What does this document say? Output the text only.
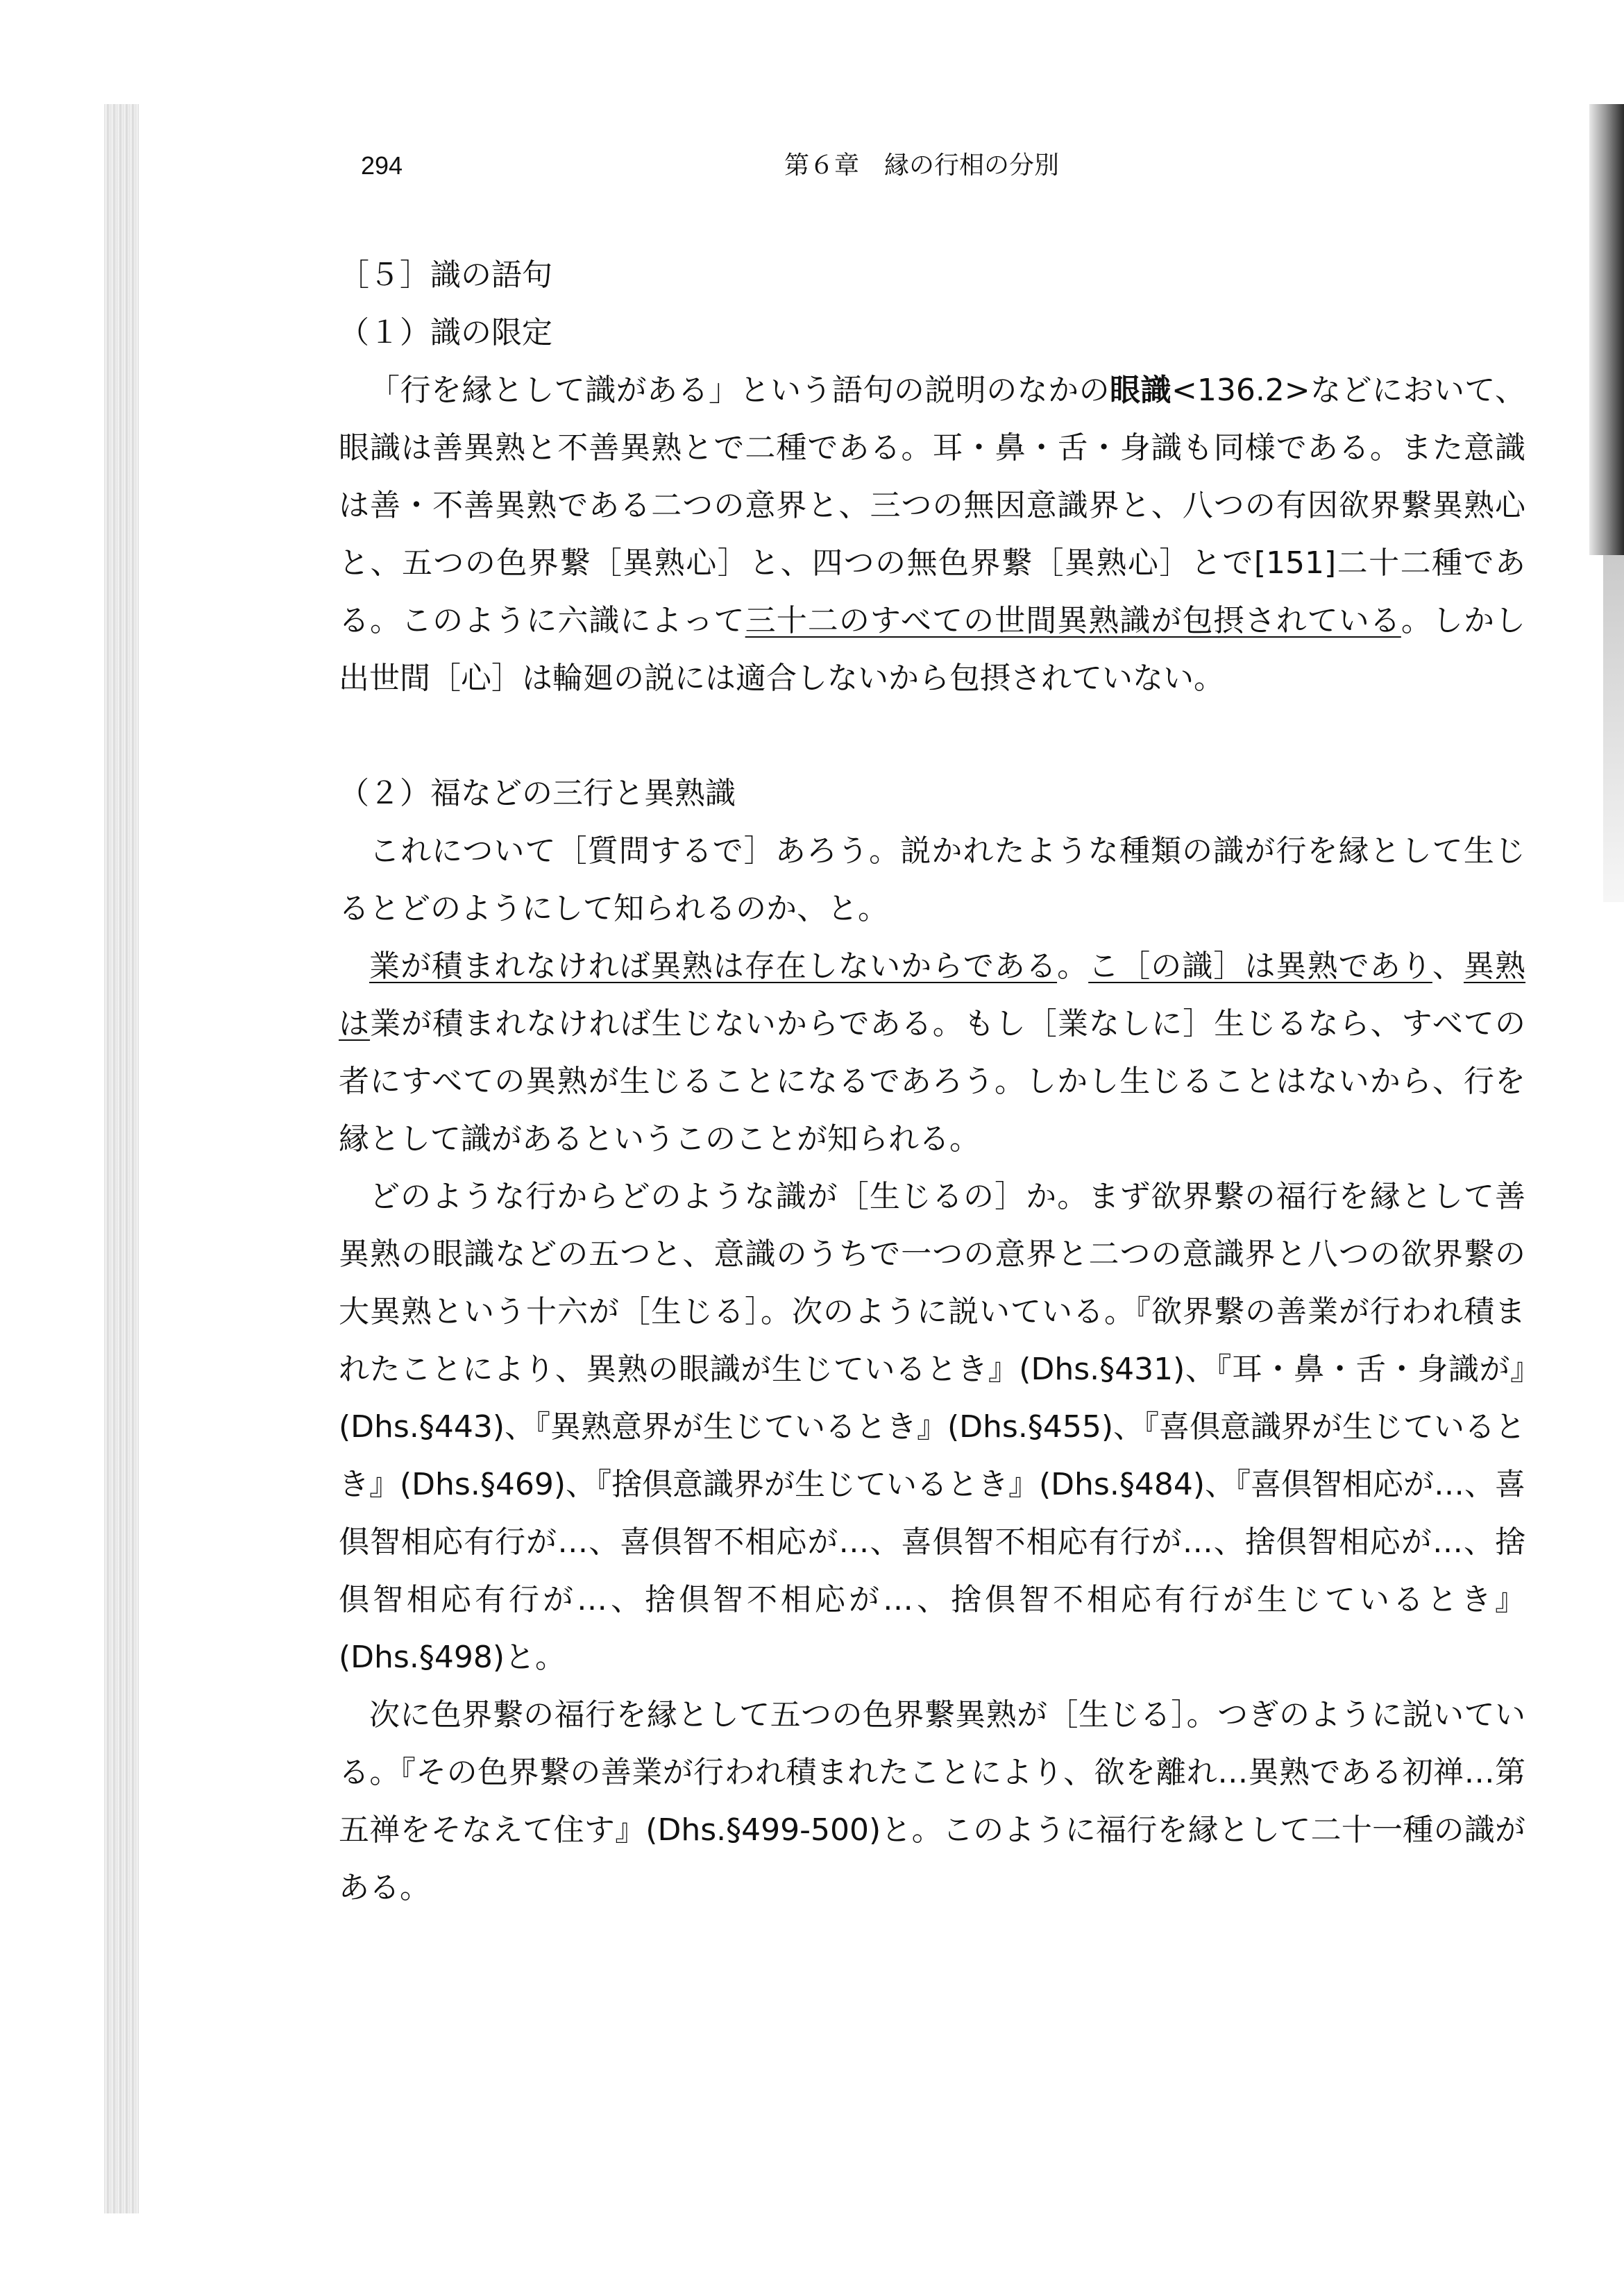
294	第６章　縁の行相の分別
［５］識の語句
（１）識の限定

「行を縁として識がある」という語句の説明のなかの眼識<136.2>などにおいて、眼識は善異熟と不善異熟とで二種である。耳・鼻・舌・身識も同様である。また意識は善・不善異熟である二つの意界と、三つの無因意識界と、八つの有因欲界繋異熟心と、五つの色界繋［異熟心］と、四つの無色界繋［異熟心］とで[151]二十二種である。このように六識によって三十二のすべての世間異熟識が包摂されている。しかし出世間［心］は輪廻の説には適合しないから包摂されていない。

（２）福などの三行と異熟識

これについて［質問するで］あろう。説かれたような種類の識が行を縁として生じるとどのようにして知られるのか、と。

業が積まれなければ異熟は存在しないからである。こ［の識］は異熟であり、異熟は業が積まれなければ生じないからである。もし［業なしに］生じるなら、すべての者にすべての異熟が生じることになるであろう。しかし生じることはないから、行を縁として識があるというこのことが知られる。

どのような行からどのような識が［生じるの］か。まず欲界繋の福行を縁として善異熟の眼識などの五つと、意識のうちで一つの意界と二つの意識界と八つの欲界繋の大異熟という十六が［生じる］。次のように説いている。『欲界繋の善業が行われ積まれたことにより、異熟の眼識が生じているとき』(Dhs.§431)、『耳・鼻・舌・身識が』(Dhs.§443)、『異熟意界が生じているとき』(Dhs.§455)、『喜倶意識界が生じているとき』(Dhs.§469)、『捨倶意識界が生じているとき』(Dhs.§484)、『喜倶智相応が…、喜倶智相応有行が…、喜倶智不相応が…、喜倶智不相応有行が…、捨倶智相応が…、捨倶智相応有行が…、捨倶智不相応が…、捨倶智不相応有行が生じているとき』(Dhs.§498)と。

次に色界繋の福行を縁として五つの色界繋異熟が［生じる］。つぎのように説いている。『その色界繋の善業が行われ積まれたことにより、欲を離れ…異熟である初禅…第五禅をそなえて住す』(Dhs.§499-500)と。このように福行を縁として二十一種の識がある。
